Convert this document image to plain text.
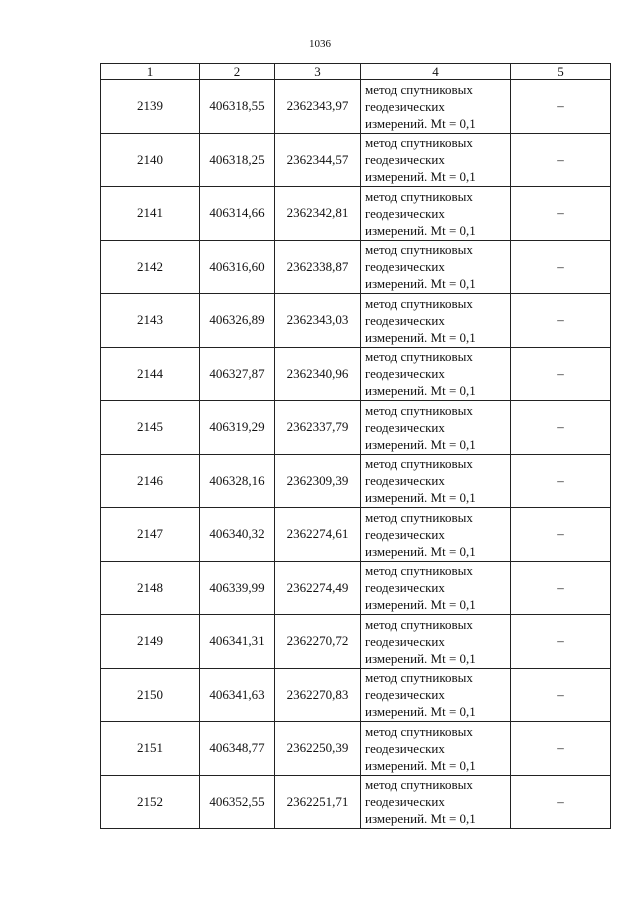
1036
1	2	3	4	5
2139	406318,55	2362343,97	метод спутниковых
геодезических
измерений. Mt = 0,1	–
2140	406318,25	2362344,57	метод спутниковых
геодезических
измерений. Mt = 0,1	–
2141	406314,66	2362342,81	метод спутниковых
геодезических
измерений. Mt = 0,1	–
2142	406316,60	2362338,87	метод спутниковых
геодезических
измерений. Mt = 0,1	–
2143	406326,89	2362343,03	метод спутниковых
геодезических
измерений. Mt = 0,1	–
2144	406327,87	2362340,96	метод спутниковых
геодезических
измерений. Mt = 0,1	–
2145	406319,29	2362337,79	метод спутниковых
геодезических
измерений. Mt = 0,1	–
2146	406328,16	2362309,39	метод спутниковых
геодезических
измерений. Mt = 0,1	–
2147	406340,32	2362274,61	метод спутниковых
геодезических
измерений. Mt = 0,1	–
2148	406339,99	2362274,49	метод спутниковых
геодезических
измерений. Mt = 0,1	–
2149	406341,31	2362270,72	метод спутниковых
геодезических
измерений. Mt = 0,1	–
2150	406341,63	2362270,83	метод спутниковых
геодезических
измерений. Mt = 0,1	–
2151	406348,77	2362250,39	метод спутниковых
геодезических
измерений. Mt = 0,1	–
2152	406352,55	2362251,71	метод спутниковых
геодезических
измерений. Mt = 0,1	–
